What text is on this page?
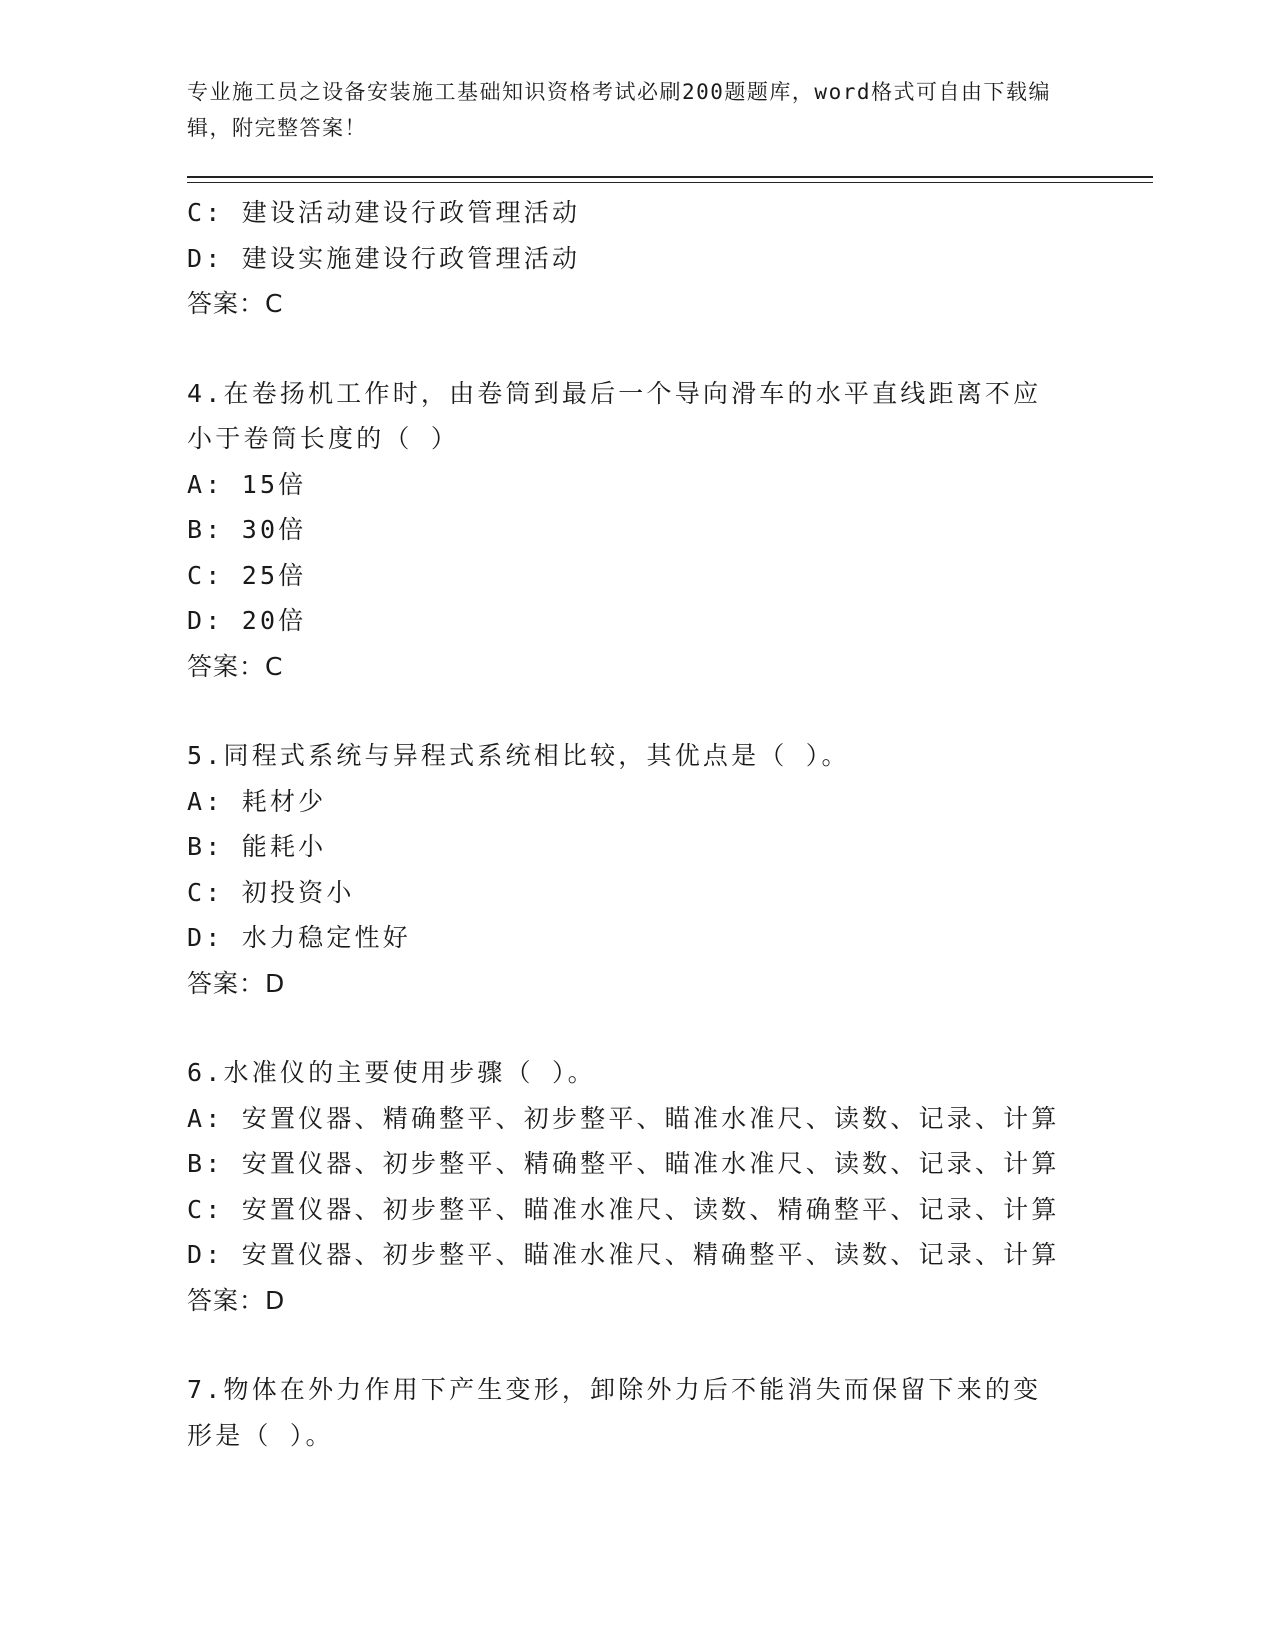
专业施工员之设备安装施工基础知识资格考试必刷200题题库，word格式可自由下载编辑，附完整答案！
C: 建设活动建设行政管理活动
D: 建设实施建设行政管理活动
答案：C
4.在卷扬机工作时，由卷筒到最后一个导向滑车的水平直线距离不应小于卷筒长度的（ ）
A: 15倍
B: 30倍
C: 25倍
D: 20倍
答案：C
5.同程式系统与异程式系统相比较，其优点是（ ）。
A: 耗材少
B: 能耗小
C: 初投资小
D: 水力稳定性好
答案：D
6.水准仪的主要使用步骤（ ）。
A: 安置仪器、精确整平、初步整平、瞄准水准尺、读数、记录、计算
B: 安置仪器、初步整平、精确整平、瞄准水准尺、读数、记录、计算
C: 安置仪器、初步整平、瞄准水准尺、读数、精确整平、记录、计算
D: 安置仪器、初步整平、瞄准水准尺、精确整平、读数、记录、计算
答案：D
7.物体在外力作用下产生变形，卸除外力后不能消失而保留下来的变形是（ ）。
